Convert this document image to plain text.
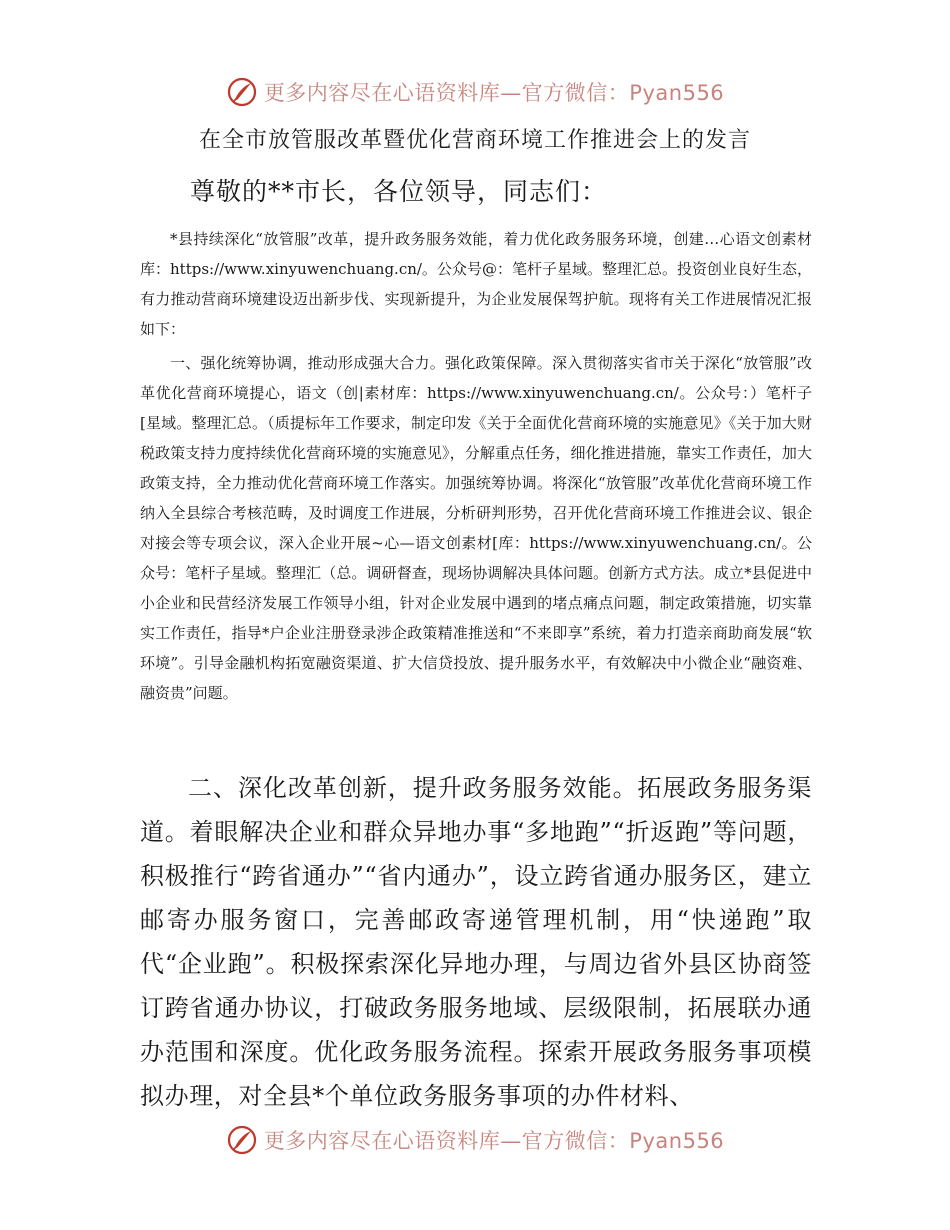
更多内容尽在心语资料库—官方微信：Pyan556
在全市放管服改革暨优化营商环境工作推进会上的发言
尊敬的**市长，各位领导，同志们：

*县持续深化“放管服”改革，提升政务服务效能，着力优化政务服务环境，创建…心语文创素材库：https://www.xinyuwenchuang.cn/。公众号@：笔杆子星域。整理汇总。投资创业良好生态，有力推动营商环境建设迈出新步伐、实现新提升，为企业发展保驾护航。现将有关工作进展情况汇报如下：

一、强化统筹协调，推动形成强大合力。强化政策保障。深入贯彻落实省市关于深化“放管服”改革优化营商环境提心，语文（创|素材库：https://www.xinyuwenchuang.cn/。公众号：）笔杆子[星域。整理汇总。（质提标年工作要求，制定印发《关于全面优化营商环境的实施意见》《关于加大财税政策支持力度持续优化营商环境的实施意见》，分解重点任务，细化推进措施，靠实工作责任，加大政策支持，全力推动优化营商环境工作落实。加强统筹协调。将深化“放管服”改革优化营商环境工作纳入全县综合考核范畴，及时调度工作进展，分析研判形势，召开优化营商环境工作推进会议、银企对接会等专项会议，深入企业开展~心—语文创素材[库：https://www.xinyuwenchuang.cn/。公众号：笔杆子星域。整理汇（总。调研督查，现场协调解决具体问题。创新方式方法。成立*县促进中小企业和民营经济发展工作领导小组，针对企业发展中遇到的堵点痛点问题，制定政策措施，切实靠实工作责任，指导*户企业注册登录涉企政策精准推送和“不来即享”系统，着力打造亲商助商发展“软环境”。引导金融机构拓宽融资渠道、扩大信贷投放、提升服务水平，有效解决中小微企业“融资难、融资贵”问题。

二、深化改革创新，提升政务服务效能。拓展政务服务渠道。着眼解决企业和群众异地办事“多地跑”“折返跑”等问题，积极推行“跨省通办”“省内通办”，设立跨省通办服务区，建立邮寄办服务窗口，完善邮政寄递管理机制，用“快递跑”取代“企业跑”。积极探索深化异地办理，与周边省外县区协商签订跨省通办协议，打破政务服务地域、层级限制，拓展联办通办范围和深度。优化政务服务流程。探索开展政务服务事项模拟办理，对全县*个单位政务服务事项的办件材料、

更多内容尽在心语资料库—官方微信：Pyan556
